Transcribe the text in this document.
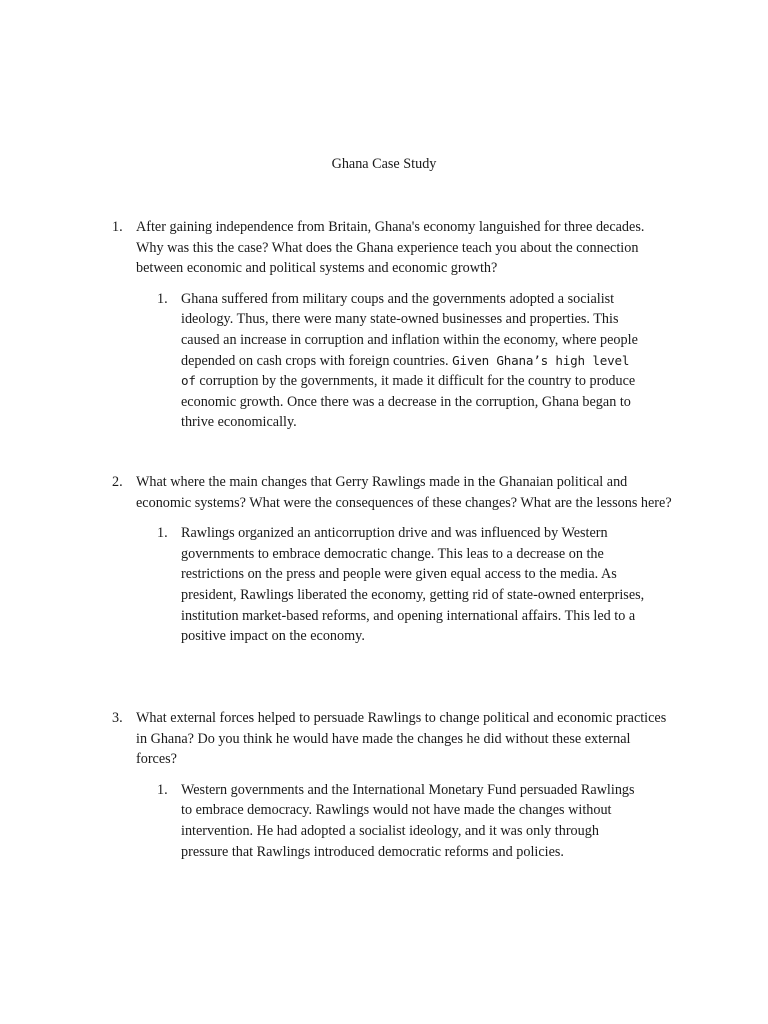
Ghana Case Study
1. After gaining independence from Britain, Ghana's economy languished for three decades. Why was this the case? What does the Ghana experience teach you about the connection between economic and political systems and economic growth?
1. Ghana suffered from military coups and the governments adopted a socialist ideology. Thus, there were many state-owned businesses and properties. This caused an increase in corruption and inflation within the economy, where people depended on cash crops with foreign countries. Given Ghana’s high level of corruption by the governments, it made it difficult for the country to produce economic growth. Once there was a decrease in the corruption, Ghana began to thrive economically.
2. What where the main changes that Gerry Rawlings made in the Ghanaian political and economic systems? What were the consequences of these changes? What are the lessons here?
1. Rawlings organized an anticorruption drive and was influenced by Western governments to embrace democratic change. This leas to a decrease on the restrictions on the press and people were given equal access to the media. As president, Rawlings liberated the economy, getting rid of state-owned enterprises, institution market-based reforms, and opening international affairs. This led to a positive impact on the economy.
3. What external forces helped to persuade Rawlings to change political and economic practices in Ghana? Do you think he would have made the changes he did without these external forces?
1. Western governments and the International Monetary Fund persuaded Rawlings to embrace democracy. Rawlings would not have made the changes without intervention. He had adopted a socialist ideology, and it was only through pressure that Rawlings introduced democratic reforms and policies.
